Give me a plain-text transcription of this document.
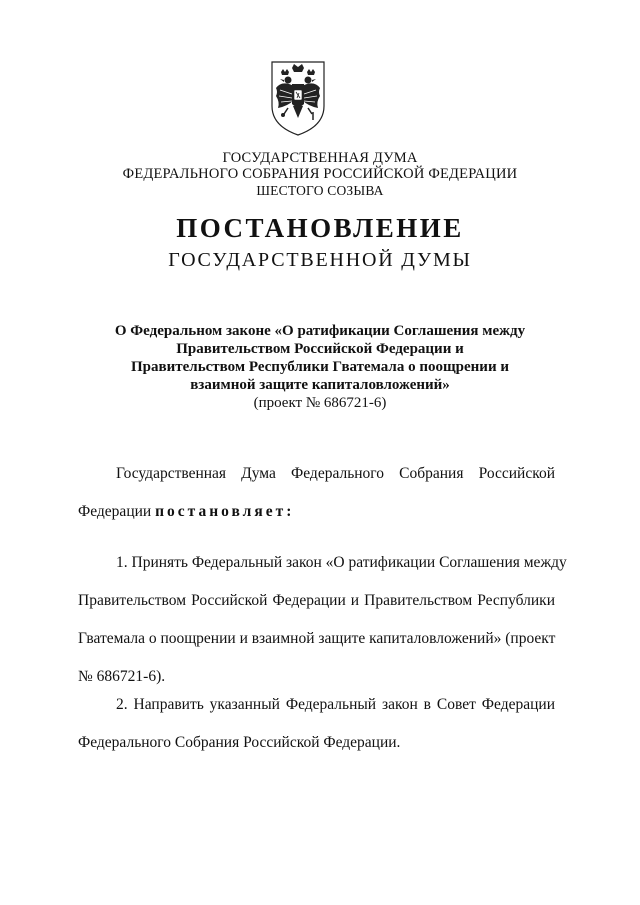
ГОСУДАРСТВЕННАЯ ДУМА
ФЕДЕРАЛЬНОГО СОБРАНИЯ РОССИЙСКОЙ ФЕДЕРАЦИИ
ШЕСТОГО СОЗЫВА
ПОСТАНОВЛЕНИЕ
ГОСУДАРСТВЕННОЙ ДУМЫ
О Федеральном законе «О ратификации Соглашения между
Правительством Российской Федерации и
Правительством Республики Гватемала о поощрении и
взаимной защите капиталовложений»
(проект № 686721-6)
Государственная Дума Федерального Собрания Российской
Федерации постановляет:
1. Принять Федеральный закон «О ратификации Соглашения между
Правительством Российской Федерации и Правительством Республики
Гватемала о поощрении и взаимной защите капиталовложений» (проект
№ 686721-6).
2. Направить указанный Федеральный закон в Совет Федерации
Федерального Собрания Российской Федерации.
